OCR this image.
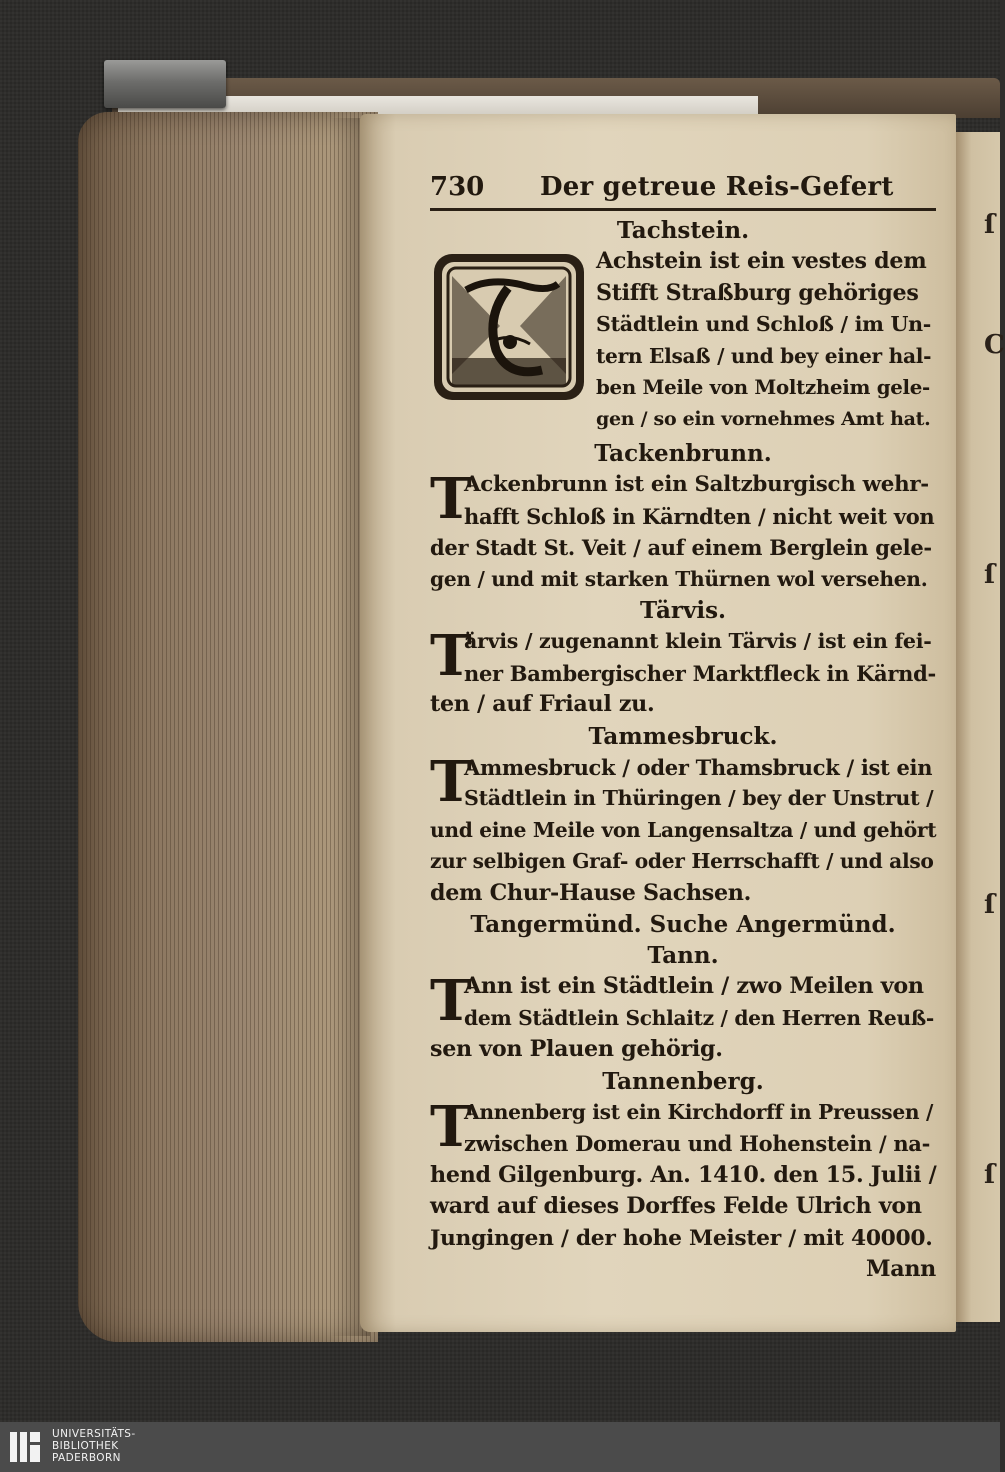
730 Der getreue Reis-Gefert
Tachstein.
Achstein ist ein vestes dem
Stifft Straßburg gehöriges
Städtlein und Schloß / im Un-
tern Elsaß / und bey einer hal-
ben Meile von Moltzheim gele-
gen / so ein vornehmes Amt hat.
Tackenbrunn.
T
Ackenbrunn ist ein Saltzburgisch wehr-
hafft Schloß in Kärndten / nicht weit von
der Stadt St. Veit / auf einem Berglein gele-
gen / und mit starken Thürnen wol versehen.
Tärvis.
T
ärvis / zugenannt klein Tärvis / ist ein fei-
ner Bambergischer Marktfleck in Kärnd-
ten / auf Friaul zu.
Tammesbruck.
T
Ammesbruck / oder Thamsbruck / ist ein
Städtlein in Thüringen / bey der Unstrut /
und eine Meile von Langensaltza / und gehört
zur selbigen Graf- oder Herrschafft / und also
dem Chur-Hause Sachsen.
Tangermünd. Suche Angermünd.
Tann.
T
Ann ist ein Städtlein / zwo Meilen von
dem Städtlein Schlaitz / den Herren Reuß-
sen von Plauen gehörig.
Tannenberg.
T
Annenberg ist ein Kirchdorff in Preussen /
zwischen Domerau und Hohenstein / na-
hend Gilgenburg. An. 1410. den 15. Julii /
ward auf dieses Dorffes Felde Ulrich von
Jungingen / der hohe Meister / mit 40000.
Mann
ſ
C
ſ
ſ
ſ
UNIVERSITÄTS-
BIBLIOTHEK
PADERBORN
